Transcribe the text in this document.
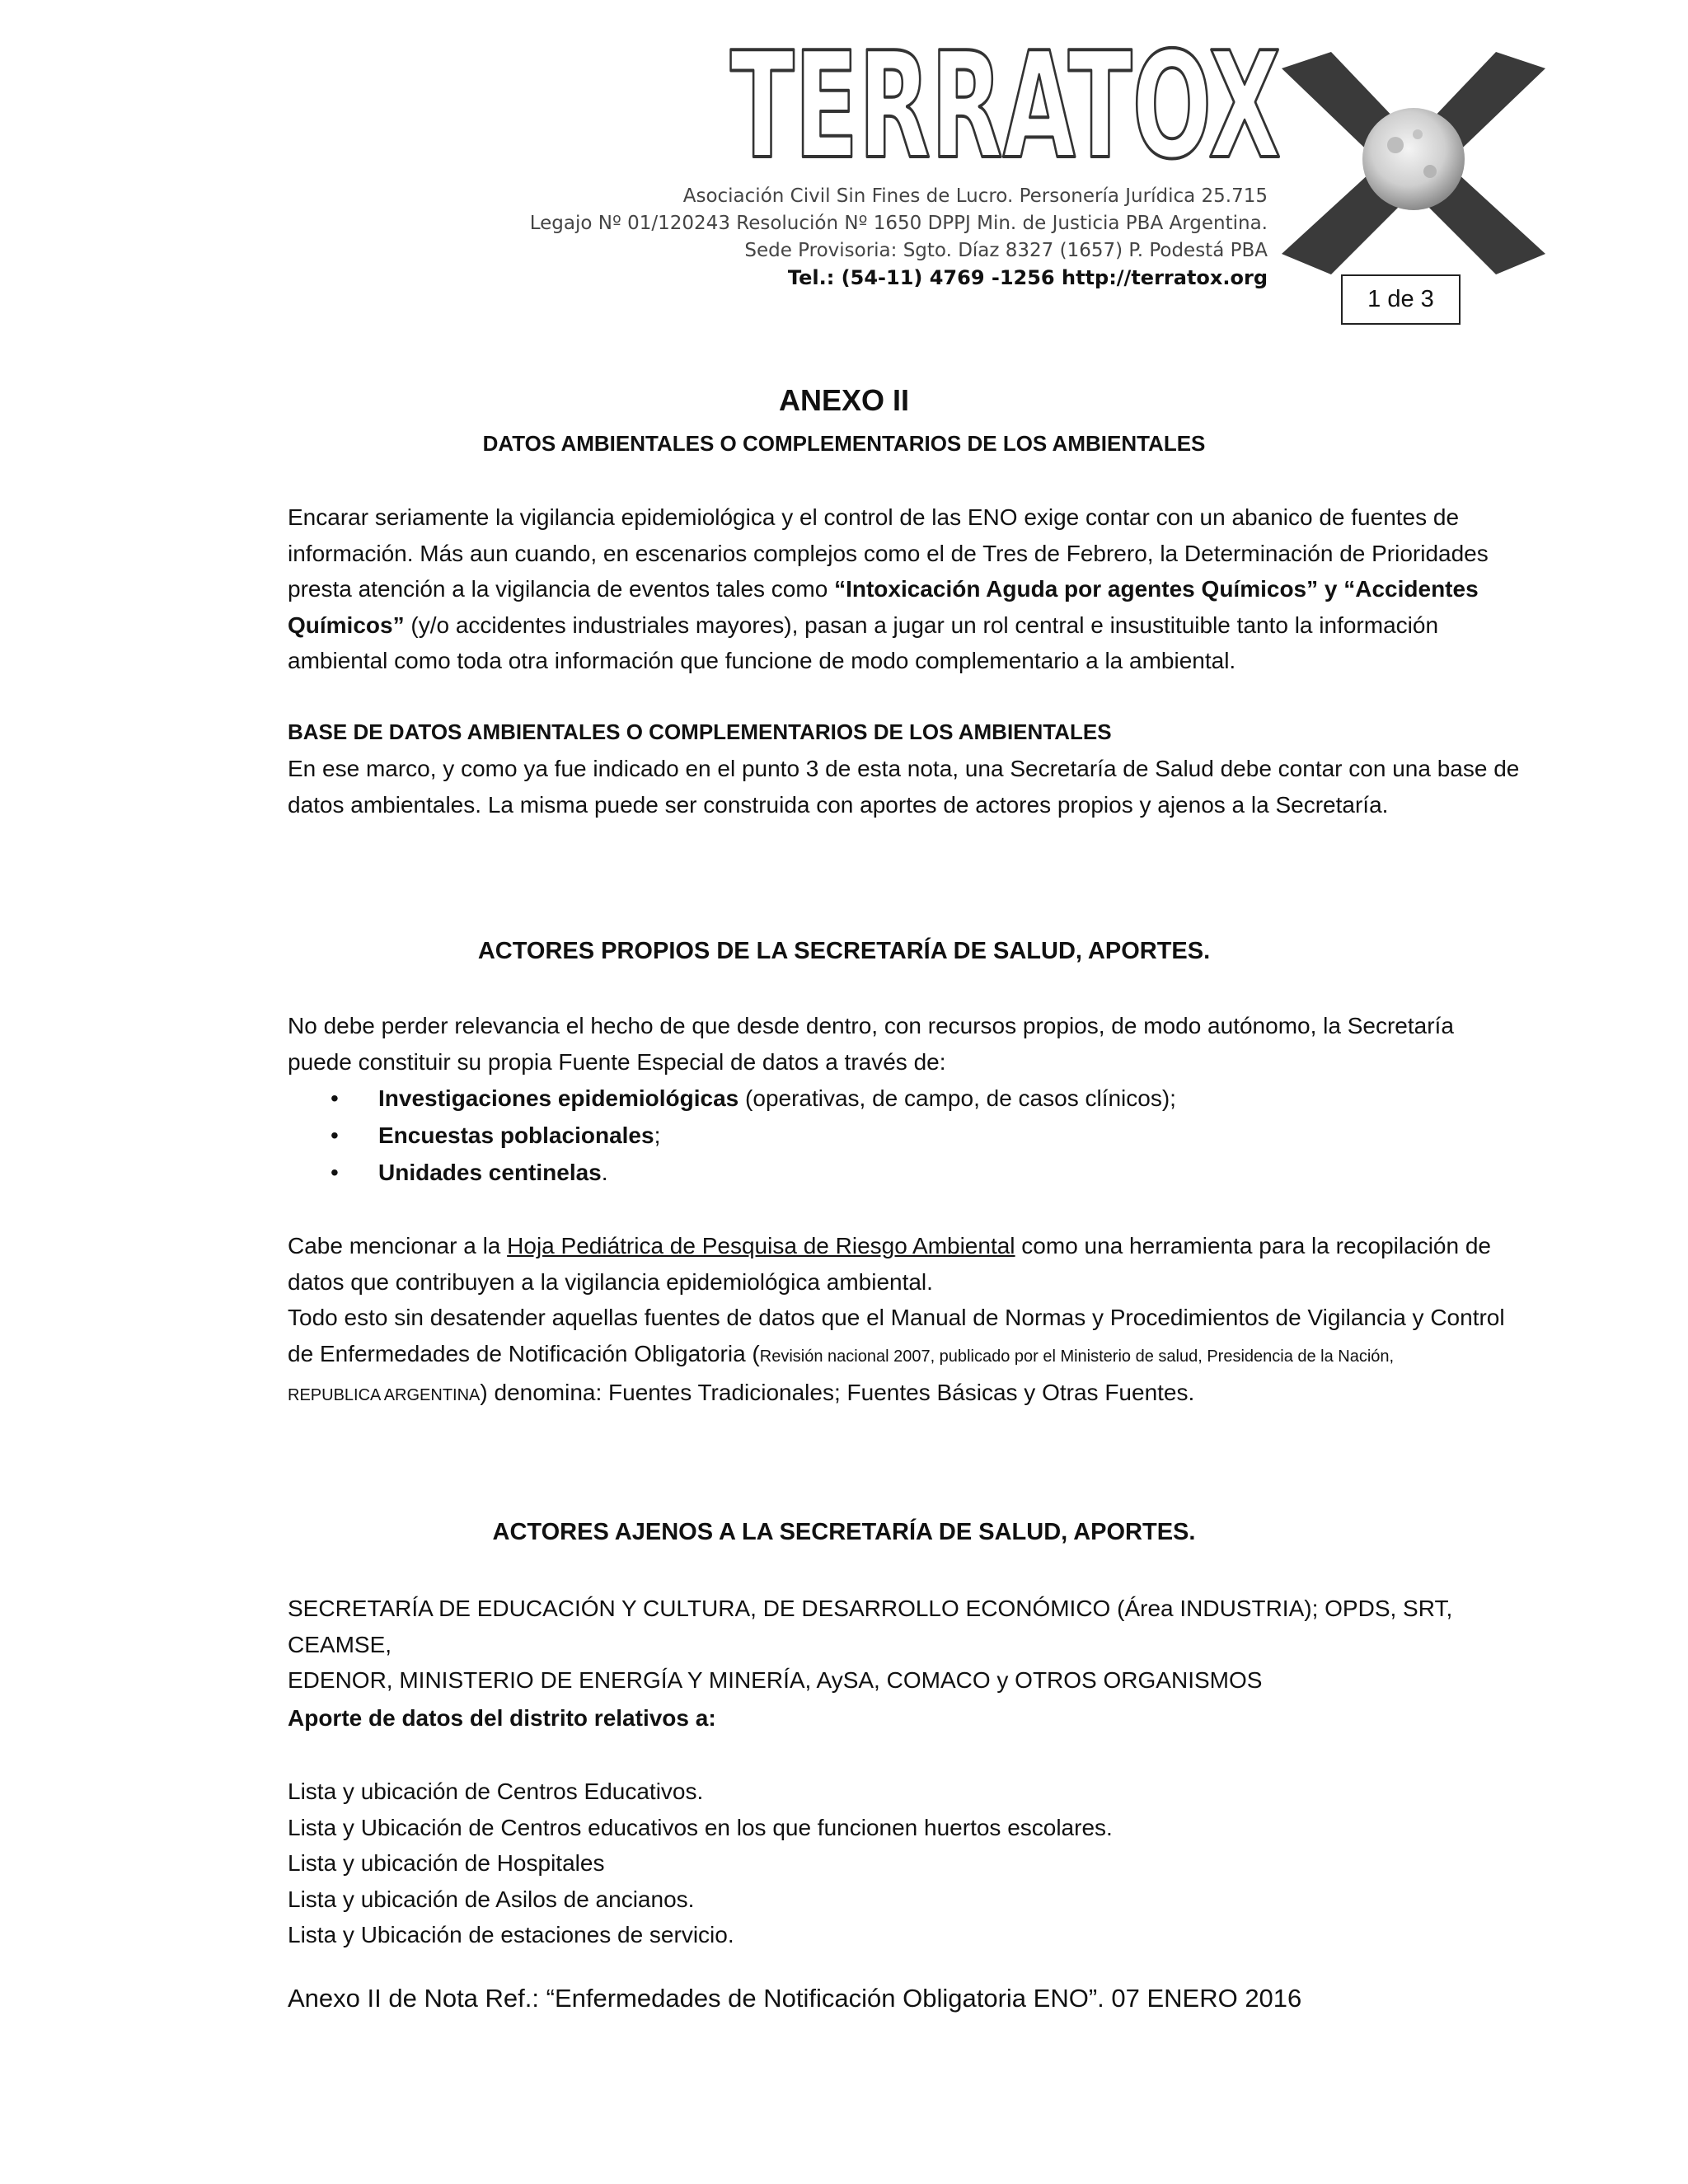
TERRATOX
Asociación Civil Sin Fines de Lucro. Personería Jurídica 25.715
Legajo Nº 01/120243 Resolución Nº 1650 DPPJ Min. de Justicia PBA Argentina.
Sede Provisoria: Sgto. Díaz 8327 (1657) P. Podestá PBA
Tel.: (54-11) 4769 -1256 http://terratox.org
1 de 3
ANEXO II
DATOS AMBIENTALES O COMPLEMENTARIOS DE LOS AMBIENTALES

Encarar seriamente la vigilancia epidemiológica y el control de las ENO exige contar con un abanico de fuentes de

información. Más aun cuando, en escenarios complejos como el de Tres de Febrero, la Determinación de Prioridades

presta atención a la vigilancia de eventos tales como “Intoxicación Aguda por agentes Químicos” y “Accidentes

Químicos” (y/o accidentes industriales mayores), pasan a jugar un rol central e insustituible tanto la información

ambiental como toda otra información que funcione de modo complementario a la ambiental.

BASE DE DATOS AMBIENTALES O COMPLEMENTARIOS DE LOS AMBIENTALES

En ese marco, y como ya fue indicado en el punto 3 de esta nota, una Secretaría de Salud debe contar con una base de

datos ambientales. La misma puede ser construida con aportes de actores propios y ajenos a la Secretaría.

ACTORES PROPIOS DE LA SECRETARÍA DE SALUD, APORTES.

No debe perder relevancia el hecho de que desde dentro, con recursos propios, de modo autónomo, la Secretaría

puede constituir su propia Fuente Especial de datos a través de:

• Investigaciones epidemiológicas (operativas, de campo, de casos clínicos);
• Encuestas poblacionales;
• Unidades centinelas.

Cabe mencionar a la Hoja Pediátrica de Pesquisa de Riesgo Ambiental como una herramienta para la recopilación de

datos que contribuyen a la vigilancia epidemiológica ambiental.

Todo esto sin desatender aquellas fuentes de datos que el Manual de Normas y Procedimientos de Vigilancia y Control

de Enfermedades de Notificación Obligatoria (Revisión nacional 2007, publicado por el Ministerio de salud, Presidencia de la Nación,

REPUBLICA ARGENTINA) denomina: Fuentes Tradicionales; Fuentes Básicas y Otras Fuentes.

ACTORES AJENOS A LA SECRETARÍA DE SALUD, APORTES.

SECRETARÍA DE EDUCACIÓN Y CULTURA, DE DESARROLLO ECONÓMICO (Área INDUSTRIA); OPDS, SRT, CEAMSE,

EDENOR, MINISTERIO DE ENERGÍA Y MINERÍA, AySA, COMACO y OTROS ORGANISMOS

Aporte de datos del distrito relativos a:

Lista y ubicación de Centros Educativos.

Lista y Ubicación de Centros educativos en los que funcionen huertos escolares.

Lista y ubicación de Hospitales

Lista y ubicación de Asilos de ancianos.

Lista y Ubicación de estaciones de servicio.

Anexo II de Nota Ref.: “Enfermedades de Notificación Obligatoria ENO”. 07 ENERO 2016
